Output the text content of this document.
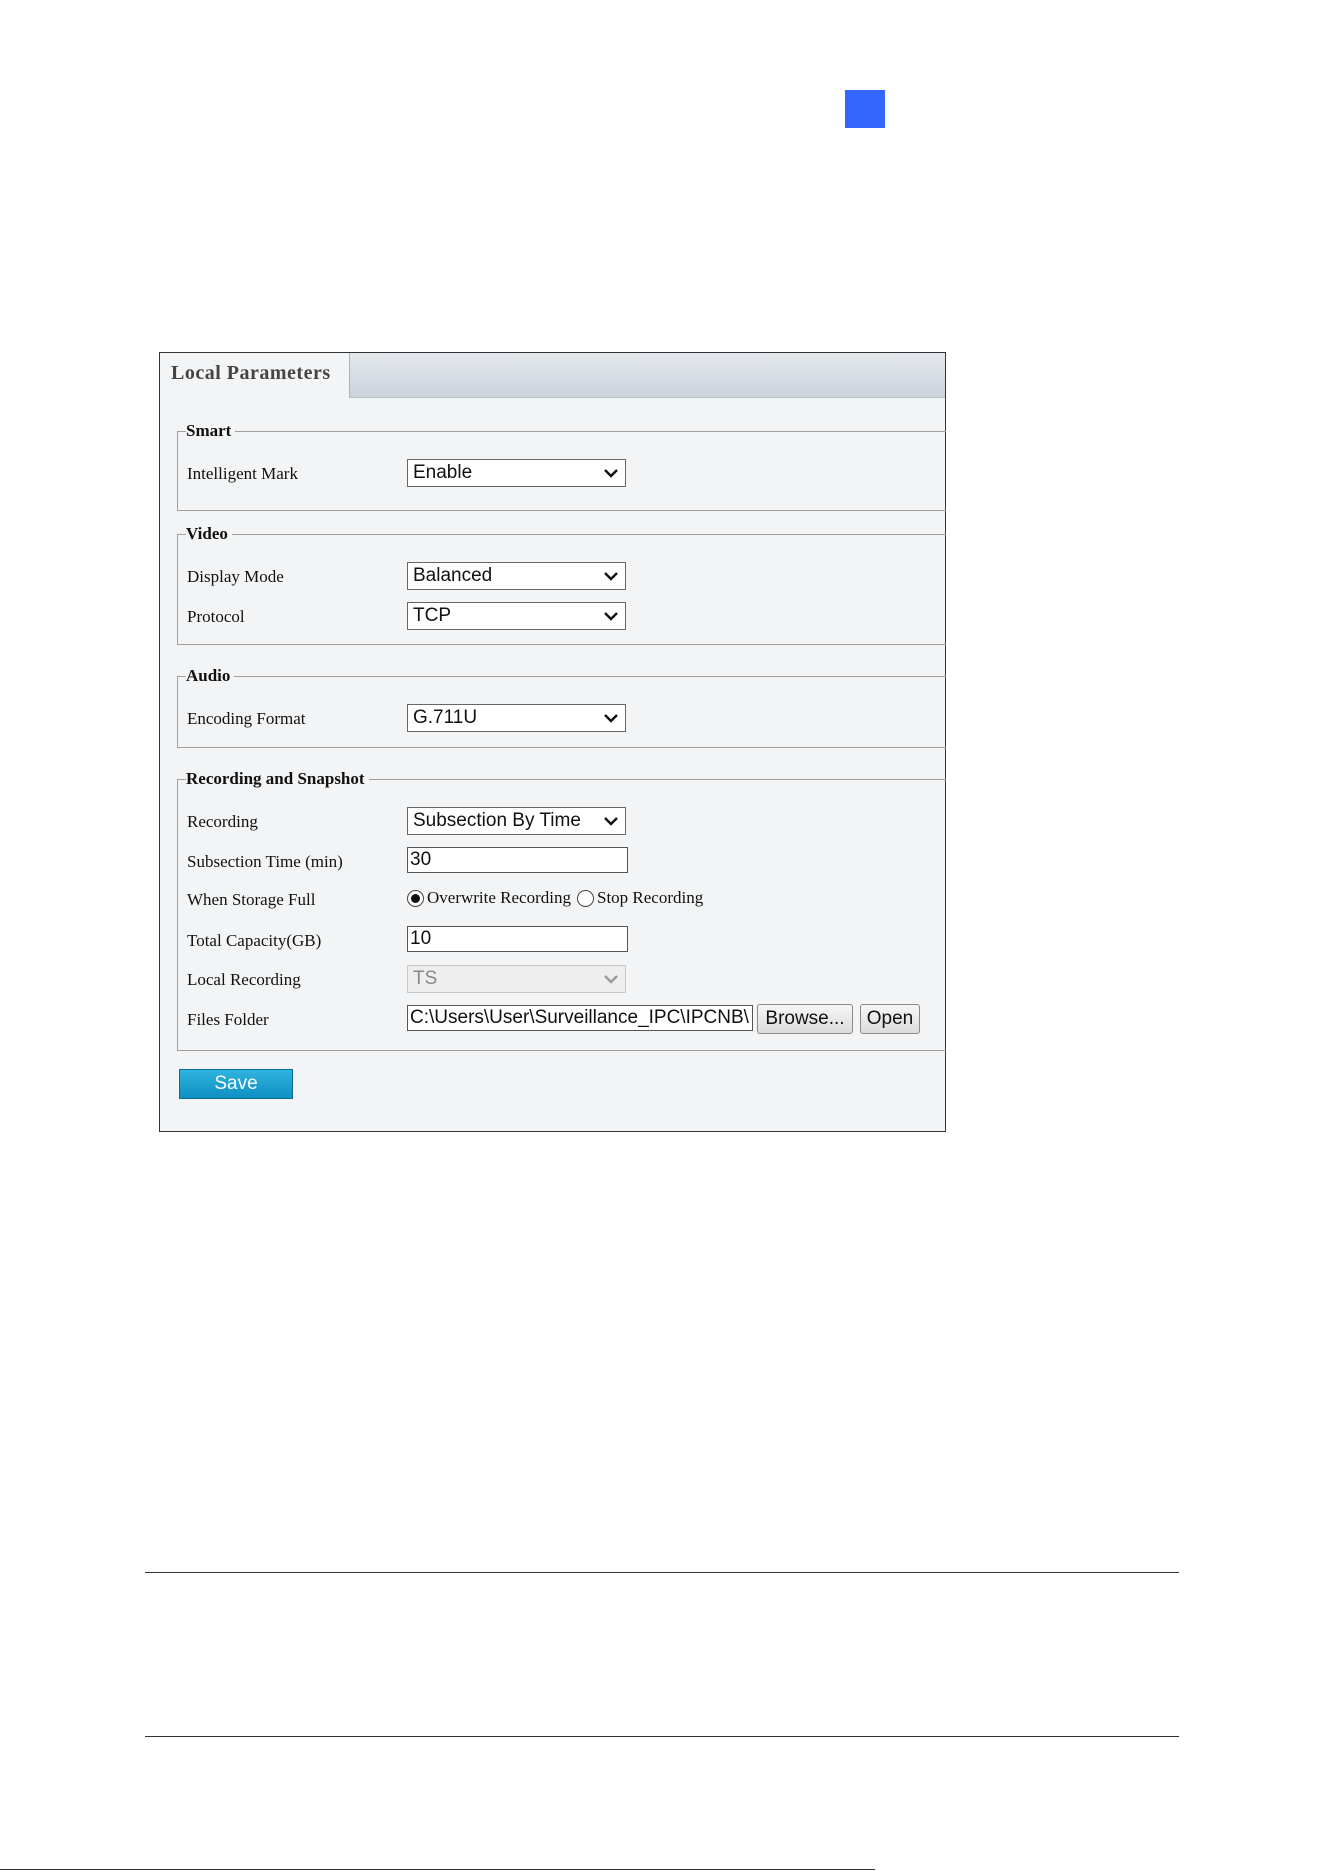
Local Parameters
Smart
Intelligent Mark	Enable
Video
Display Mode	Balanced
Protocol	TCP
Audio
Encoding Format	G.711U
Recording and Snapshot
Recording	Subsection By Time
Subsection Time (min)	30
When Storage Full	Overwrite Recording Stop Recording
Total Capacity(GB)	10
Local Recording	TS
Files Folder	C:\Users\User\Surveillance_IPC\IPCNB\ Browse...	Open
Save
